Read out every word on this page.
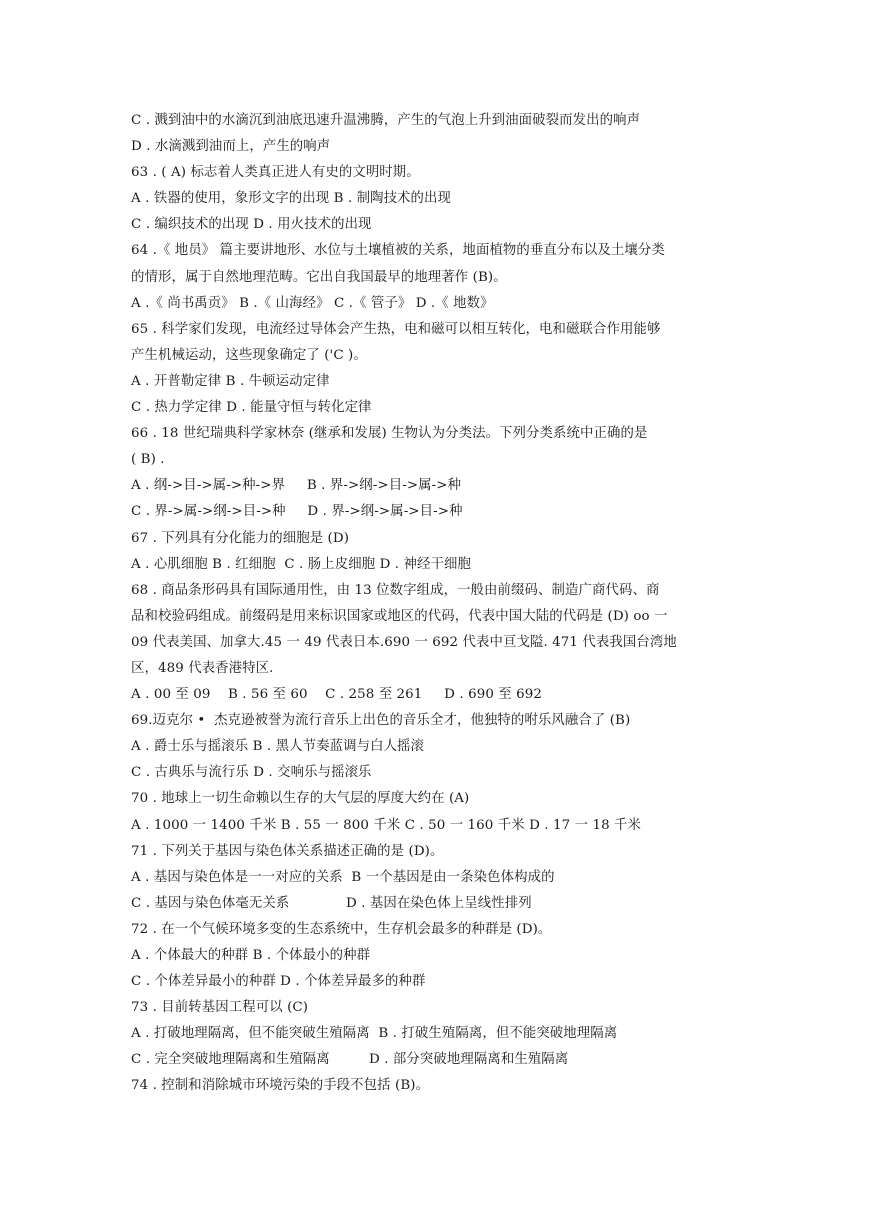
C . 溅到油中的水滴沉到油底迅速升温沸腾，产生的气泡上升到油面破裂而发出的响声
D . 水滴溅到油而上，产生的响声
63 . ( A) 标志着人类真正进人有史的文明时期。
A . 铁器的使用，象形文字的出现 B . 制陶技术的出现
C . 编织技术的出现 D . 用火技术的出现
64 .《 地员》 篇主要讲地形、水位与土壤植被的关系，地面植物的垂直分布以及土壤分类
的情形，属于自然地理范畴。它出自我国最早的地理著作 (B)。
A .《 尚书禹贡》 B .《 山海经》 C .《 管子》 D .《 地数》
65 . 科学家们发现，电流经过导体会产生热，电和磁可以相互转化，电和磁联合作用能够
产生机械运动，这些现象确定了 ('C )。
A . 开普勒定律 B . 牛顿运动定律
C . 热力学定律 D . 能量守恒与转化定律
66 . 18 世纪瑞典科学家林奈 (继承和发展) 生物认为分类法。下列分类系统中正确的是
( B) .
A . 纲->目->属->种->界     B . 界->纲->目->属->种
C . 界->属->纲->目->种     D . 界->纲->属->目->种
67 . 下列具有分化能力的细胞是 (D)
A . 心肌细胞 B . 红细胞  C . 肠上皮细胞 D . 神经干细胞
68 . 商品条形码具有国际通用性，由 13 位数字组成，一般由前缀码、制造广商代码、商
品和校验码组成。前缀码是用来标识国家或地区的代码，代表中国大陆的代码是 (D) oo 一
09 代表美国、加拿大.45 一 49 代表日本.690 一 692 代表中亘戈隘. 471 代表我国台湾地
区，489 代表香港特区.
A . 00 至 09    B . 56 至 60    C . 258 至 261     D . 690 至 692
69.迈克尔 •  杰克逊被誉为流行音乐上出色的音乐全才，他独特的咐乐风融合了 (B)
A . 爵士乐与摇滚乐 B . 黑人节奏蓝调与白人摇滚
C . 古典乐与流行乐 D . 交响乐与摇滚乐
70 . 地球上一切生命赖以生存的大气层的厚度大约在 (A)
A . 1000 一 1400 千米 B . 55 一 800 千米 C . 50 一 160 千米 D . 17 一 18 千米
71 . 下列关于基因与染色体关系描述正确的是 (D)。
A . 基因与染色体是一一对应的关系  B 一个基因是由一条染色体构成的
C . 基因与染色体毫无关系             D . 基因在染色体上呈线性排列
72 . 在一个气候环境多变的生态系统中，生存机会最多的种群是 (D)。
A . 个体最大的种群 B . 个体最小的种群
C . 个体差异最小的种群 D . 个体差异最多的种群
73 . 目前转基因工程可以 (C)
A . 打破地理隔离，但不能突破生殖隔离  B . 打破生殖隔离，但不能突破地理隔离
C . 完全突破地理隔离和生殖隔离         D . 部分突破地理隔离和生殖隔离
74 . 控制和消除城市环境污染的手段不包括 (B)。
